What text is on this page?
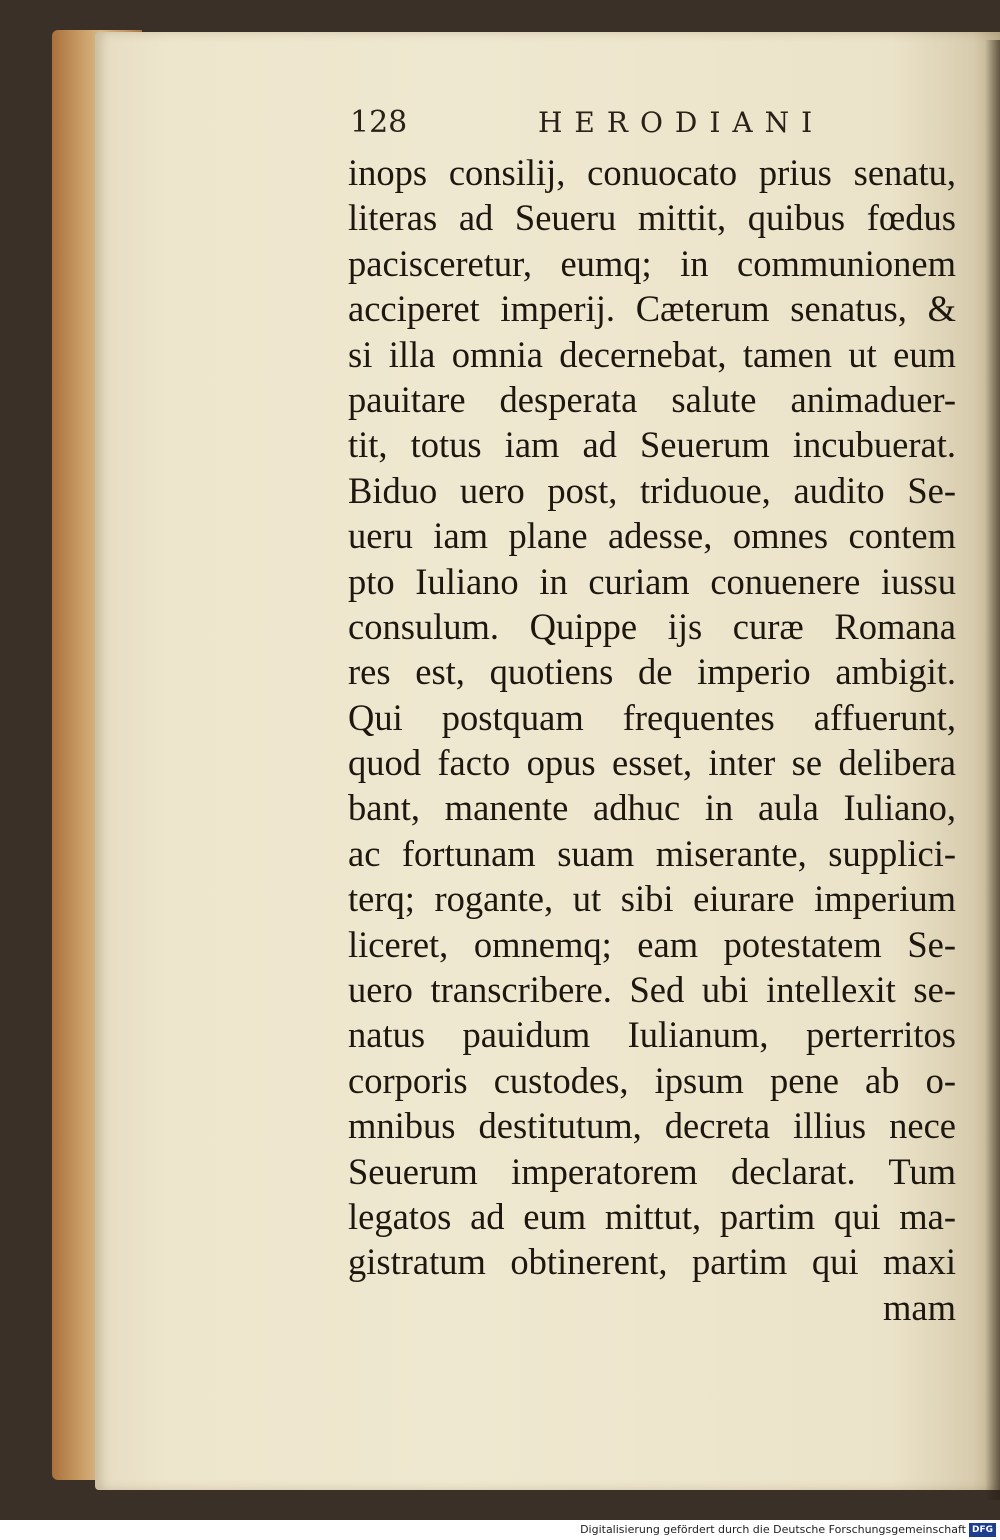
128	HERODIANI
inops consilij, conuocato prius senatu,
literas ad Seueru mittit, quibus fœdus
pacisceretur, eumq; in communionem
acciperet imperij. Cæterum senatus, &
si illa omnia decernebat, tamen ut eum
pauitare desperata salute animaduer-
tit, totus iam ad Seuerum incubuerat.
Biduo uero post, triduoue, audito Se-
ueru iam plane adesse, omnes contem
pto Iuliano in curiam conuenere iussu
consulum. Quippe ijs curæ Romana
res est, quotiens de imperio ambigit.
Qui postquam frequentes affuerunt,
quod facto opus esset, inter se delibera
bant, manente adhuc in aula Iuliano,
ac fortunam suam miserante, supplici-
terq; rogante, ut sibi eiurare imperium
liceret, omnemq; eam potestatem Se-
uero transcribere. Sed ubi intellexit se-
natus pauidum Iulianum, perterritos
corporis custodes, ipsum pene ab o-
mnibus destitutum, decreta illius nece
Seuerum imperatorem declarat. Tum
legatos ad eum mittut, partim qui ma-
gistratum obtinerent, partim qui maxi
mam
Digitalisierung gefördert durch die Deutsche Forschungsgemeinschaft DFG
